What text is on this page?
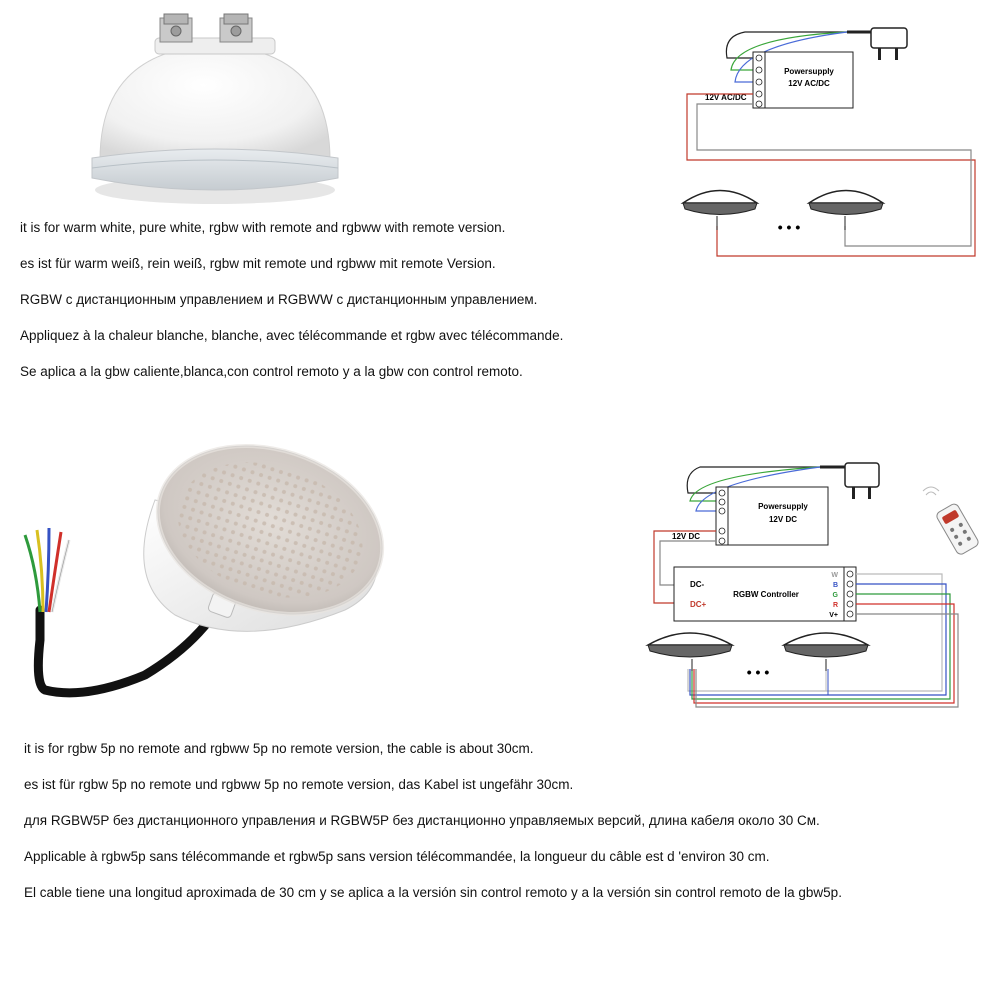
Powersupply
12V AC/DC
12V AC/DC
• • •
it is for warm white, pure white, rgbw with remote and rgbww with remote version.
es ist für warm weiß, rein weiß, rgbw mit remote und rgbww mit remote Version.
RGBW с дистанционным управлением и RGBWW с дистанционным управлением.
Appliquez à la chaleur blanche, blanche, avec télécommande et rgbw avec télécommande.
Se aplica a la gbw caliente,blanca,con control remoto y a la gbw con control remoto.
Powersupply
12V DC
12V DC
DC-
DC+
RGBW Controller
W
B
G
R
V+
• • •
it is for rgbw 5p no remote and rgbww 5p no remote version, the cable is about 30cm.
es ist für rgbw 5p no remote und rgbww 5p no remote version, das Kabel ist ungefähr 30cm.
для RGBW5P без дистанционного управления и RGBW5P без дистанционно управляемых версий, длина кабеля около 30 См.
Applicable à rgbw5p sans télécommande et rgbw5p sans version télécommandée, la longueur du câble est d 'environ 30 cm.
El cable tiene una longitud aproximada de 30 cm y se aplica a la versión sin control remoto y a la versión sin control remoto de la gbw5p.
